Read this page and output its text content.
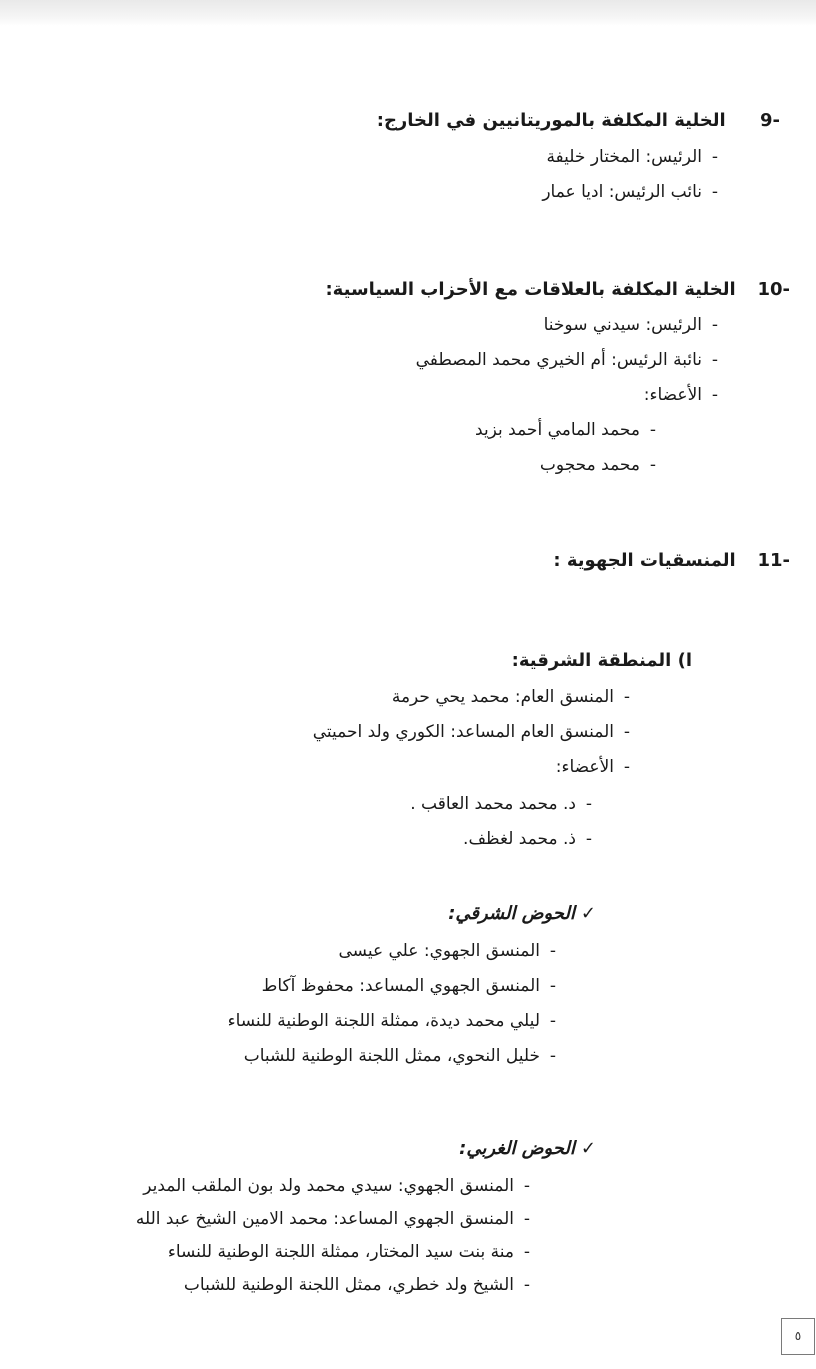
-9 الخلية المكلفة بالموريتانيين في الخارج:
-الرئيس: المختار خليفة
-نائب الرئيس: اديا عمار
-10 الخلية المكلفة بالعلاقات مع الأحزاب السياسية:
-الرئيس: سيدني سوخنا
-نائبة الرئيس: أم الخيري محمد المصطفي
-الأعضاء:
-محمد المامي أحمد بزيد
-محمد محجوب
-11 المنسقيات الجهوية :
ا) المنطقة الشرقية:
-المنسق العام: محمد يحي حرمة
-المنسق العام المساعد: الكوري ولد احميتي
-الأعضاء:
-د. محمد محمد العاقب .
-ذ. محمد لغظف.
✓الحوض الشرقي:
-المنسق الجهوي: علي عيسى
-المنسق الجهوي المساعد: محفوظ آكاط
-ليلي محمد ديدة، ممثلة اللجنة الوطنية للنساء
-خليل النحوي، ممثل اللجنة الوطنية للشباب
✓الحوض الغربي:
-المنسق الجهوي: سيدي محمد ولد بون الملقب المدير
-المنسق الجهوي المساعد: محمد الامين الشيخ عبد الله
-منة بنت سيد المختار، ممثلة اللجنة الوطنية للنساء
-الشيخ ولد خطري، ممثل اللجنة الوطنية للشباب
٥
